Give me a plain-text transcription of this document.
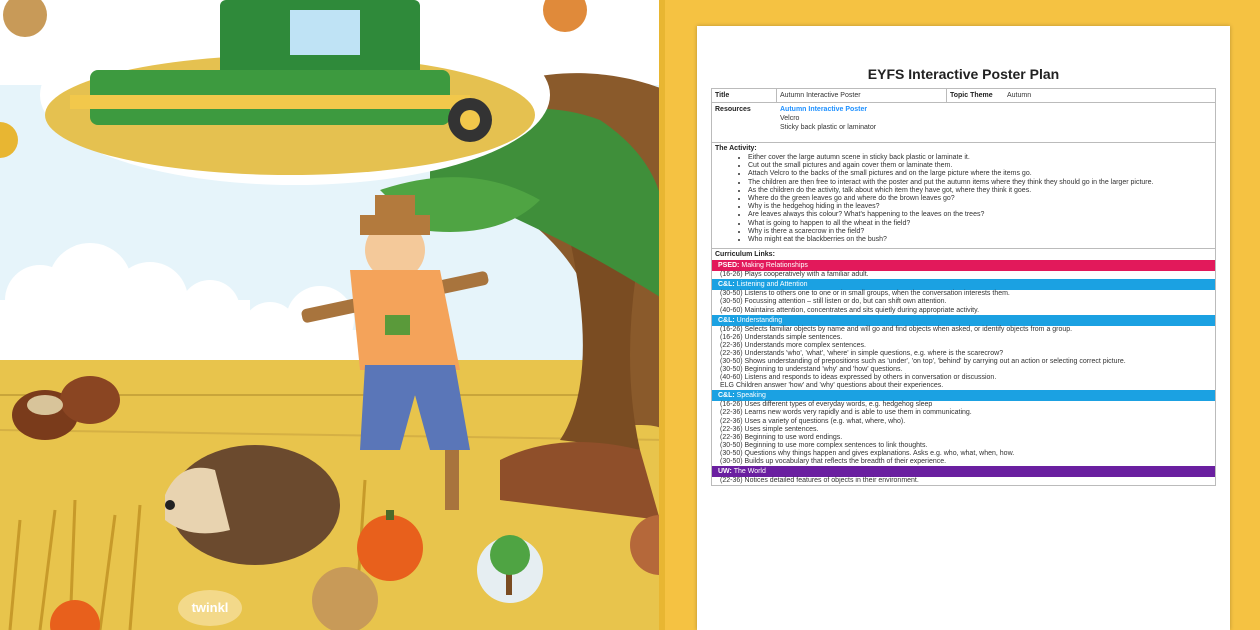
twinkl
EYFS Interactive Poster Plan
Title	Autumn Interactive Poster	Topic Theme	Autumn
Resources	Autumn Interactive Poster
Velcro
Sticky back plastic or laminator
The Activity:
• Either cover the large autumn scene in sticky back plastic or laminate it.
• Cut out the small pictures and again cover them or laminate them.
• Attach Velcro to the backs of the small pictures and on the large picture where the items go.
• The children are then free to interact with the poster and put the autumn items where they think they should go in the larger picture.
• As the children do the activity, talk about which item they have got, where they think it goes.
• Where do the green leaves go and where do the brown leaves go?
• Why is the hedgehog hiding in the leaves?
• Are leaves always this colour? What's happening to the leaves on the trees?
• What is going to happen to all the wheat in the field?
• Why is there a scarecrow in the field?
• Who might eat the blackberries on the bush?
Curriculum Links:
PSED: Making Relationships
(16-26) Plays cooperatively with a familiar adult.
C&L: Listening and Attention
(30-50) Listens to others one to one or in small groups, when the conversation interests them.
(30-50) Focussing attention – still listen or do, but can shift own attention.
(40-60) Maintains attention, concentrates and sits quietly during appropriate activity.
C&L: Understanding
(16-26) Selects familiar objects by name and will go and find objects when asked, or identify objects from a group.
(16-26) Understands simple sentences.
(22-36) Understands more complex sentences.
(22-36) Understands 'who', 'what', 'where' in simple questions, e.g. where is the scarecrow?
(30-50) Shows understanding of prepositions such as 'under', 'on top', 'behind' by carrying out an action or selecting correct picture.
(30-50) Beginning to understand 'why' and 'how' questions.
(40-60) Listens and responds to ideas expressed by others in conversation or discussion.
ELG Children answer 'how' and 'why' questions about their experiences.
C&L: Speaking
(16-26) Uses different types of everyday words, e.g. hedgehog sleep
(22-36) Learns new words very rapidly and is able to use them in communicating.
(22-36) Uses a variety of questions (e.g. what, where, who).
(22-36) Uses simple sentences.
(22-36) Beginning to use word endings.
(30-50) Beginning to use more complex sentences to link thoughts.
(30-50) Questions why things happen and gives explanations. Asks e.g. who, what, when, how.
(30-50) Builds up vocabulary that reflects the breadth of their experience.
UW: The World
(22-36) Notices detailed features of objects in their environment.
